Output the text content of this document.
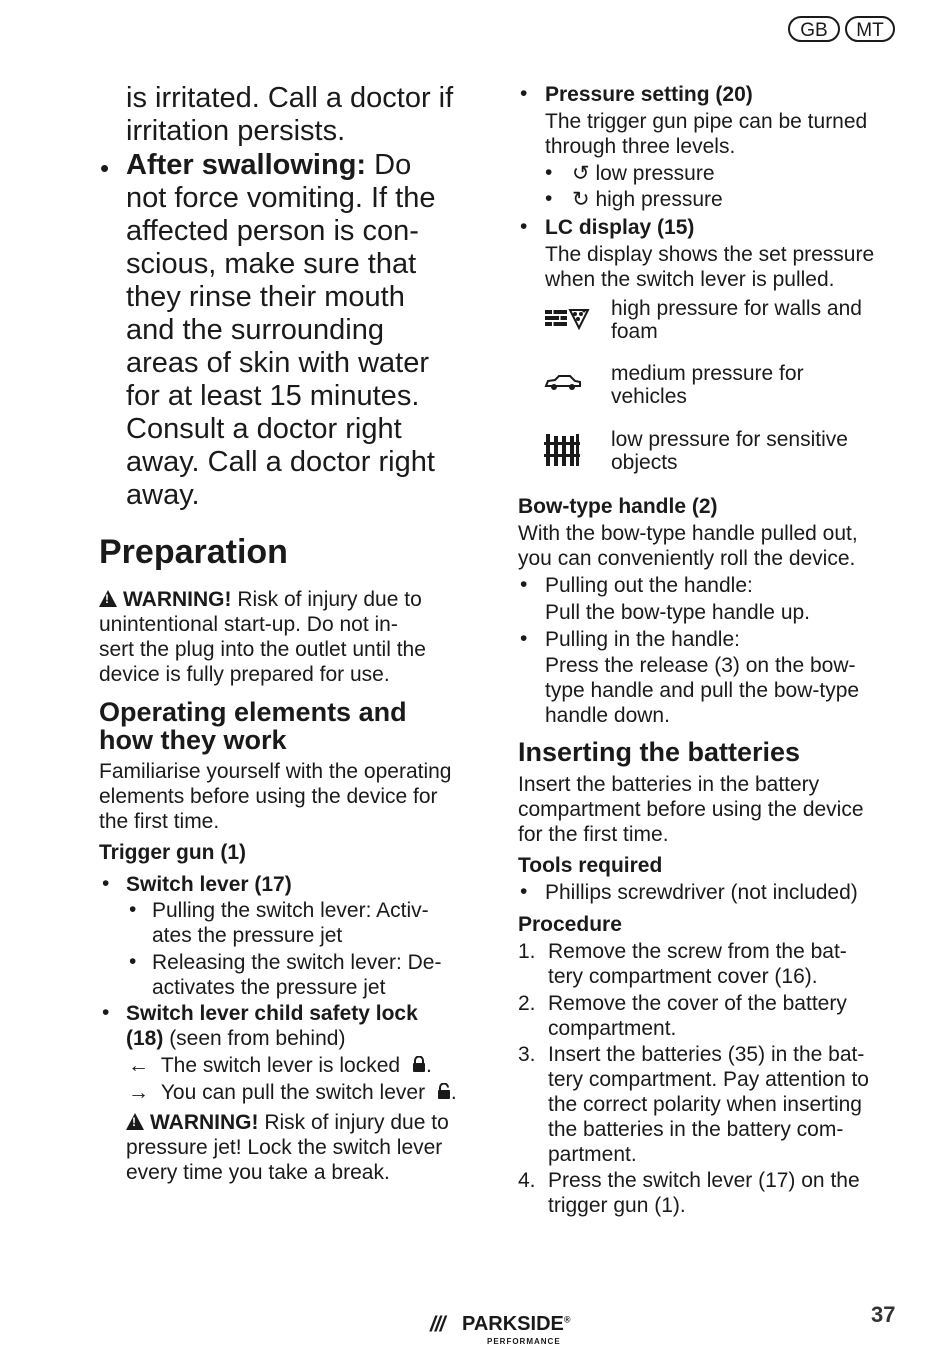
GB	MT
is irritated. Call a doctor if
irritation persists.
• After swallowing: Do
not force vomiting. If the
affected person is con-
scious, make sure that
they rinse their mouth
and the surrounding
areas of skin with water
for at least 15 minutes.
Consult a doctor right
away. Call a doctor right
away.
Preparation
!WARNING! Risk of injury due to
unintentional start-up. Do not in-
sert the plug into the outlet until the
device is fully prepared for use.
Operating elements and
how they work
Familiarise yourself with the operating
elements before using the device for
the first time.
Trigger gun (1)
• Switch lever (17)
• Pulling the switch lever: Activ-
ates the pressure jet
• Releasing the switch lever: De-
activates the pressure jet
• Switch lever child safety lock
(18) (seen from behind)
← The switch lever is locked .
→ You can pull the switch lever .
!WARNING! Risk of injury due to
pressure jet! Lock the switch lever
every time you take a break.
• Pressure setting (20)
The trigger gun pipe can be turned
through three levels.
• ↺ low pressure
• ↻ high pressure
• LC display (15)
The display shows the set pressure
when the switch lever is pulled.
high pressure for walls and
foam
medium pressure for
vehicles
low pressure for sensitive
objects
Bow-type handle (2)
With the bow-type handle pulled out,
you can conveniently roll the device.
• Pulling out the handle:
Pull the bow-type handle up.
• Pulling in the handle:
Press the release (3) on the bow-
type handle and pull the bow-type
handle down.
Inserting the batteries
Insert the batteries in the battery
compartment before using the device
for the first time.
Tools required
• Phillips screwdriver (not included)
Procedure
1. Remove the screw from the bat-
tery compartment cover (16).
2. Remove the cover of the battery
compartment.
3. Insert the batteries (35) in the bat-
tery compartment. Pay attention to
the correct polarity when inserting
the batteries in the battery com-
partment.
4. Press the switch lever (17) on the
trigger gun (1).
/// PARKSIDE®
PERFORMANCE
37
